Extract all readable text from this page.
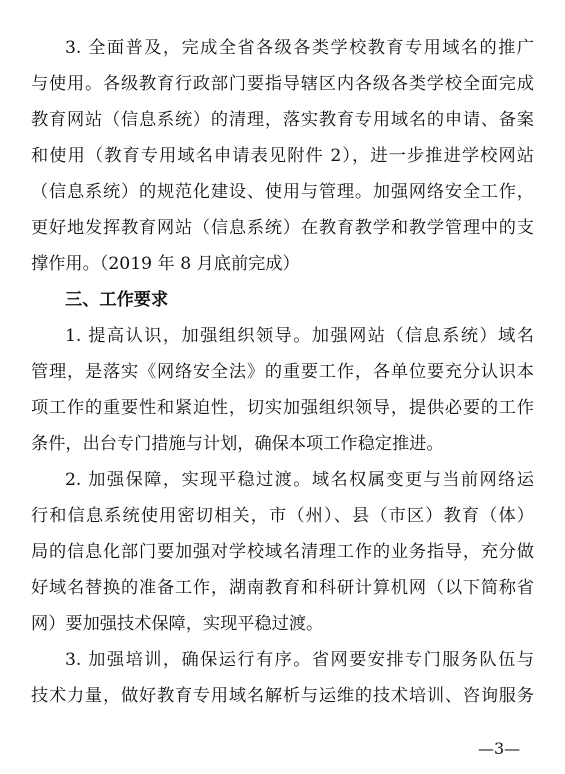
3. 全面普及，完成全省各级各类学校教育专用域名的推广
与使用。各级教育行政部门要指导辖区内各级各类学校全面完成
教育网站（信息系统）的清理，落实教育专用域名的申请、备案
和使用（教育专用域名申请表见附件 2），进一步推进学校网站
（信息系统）的规范化建设、使用与管理。加强网络安全工作，
更好地发挥教育网站（信息系统）在教育教学和教学管理中的支
撑作用。（2019 年 8 月底前完成）
三、工作要求
1. 提高认识，加强组织领导。加强网站（信息系统）域名
管理，是落实《网络安全法》的重要工作，各单位要充分认识本
项工作的重要性和紧迫性，切实加强组织领导，提供必要的工作
条件，出台专门措施与计划，确保本项工作稳定推进。
2. 加强保障，实现平稳过渡。域名权属变更与当前网络运
行和信息系统使用密切相关，市（州）、县（市区）教育（体）
局的信息化部门要加强对学校域名清理工作的业务指导，充分做
好域名替换的准备工作，湖南教育和科研计算机网（以下简称省
网）要加强技术保障，实现平稳过渡。
3. 加强培训，确保运行有序。省网要安排专门服务队伍与
技术力量，做好教育专用域名解析与运维的技术培训、咨询服务
—3—
